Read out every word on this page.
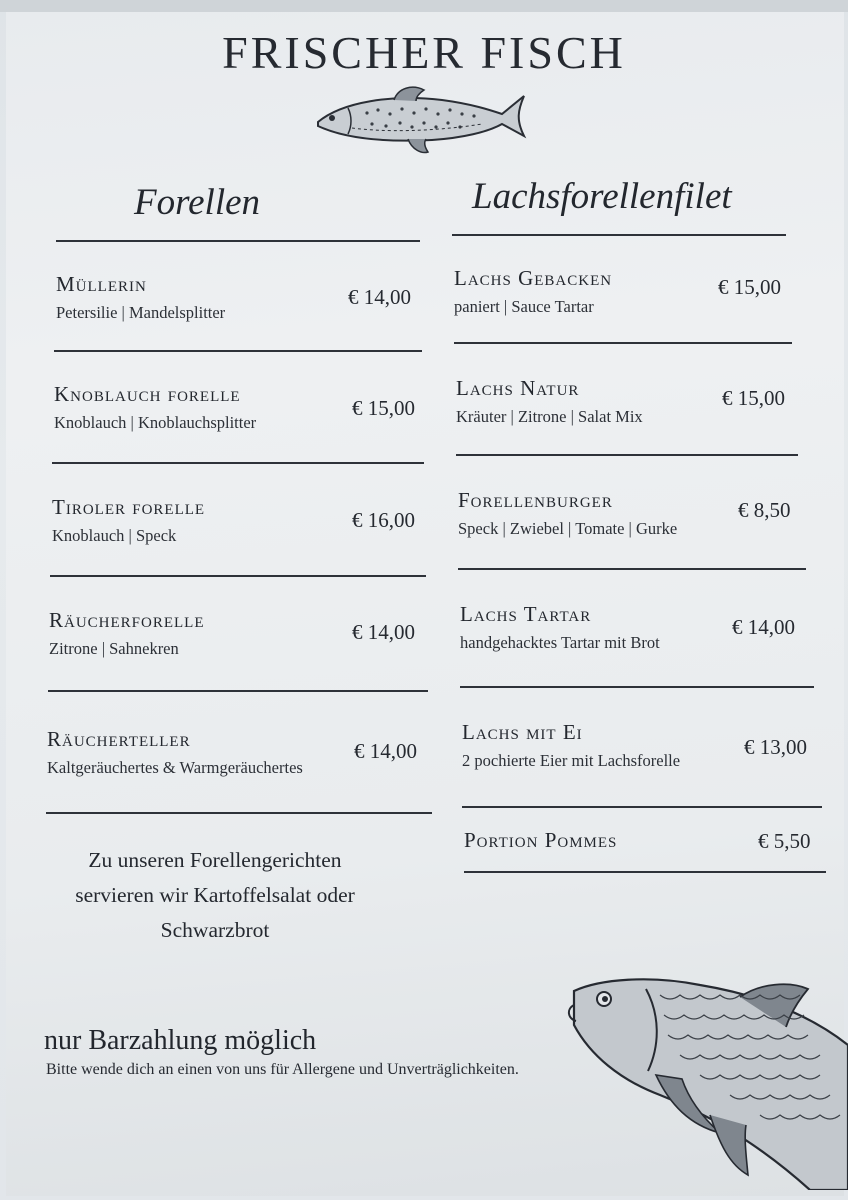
FRISCHER FISCH
Forellen
Müllerin
Petersilie | Mandelsplitter
€ 14,00
Knoblauch forelle
Knoblauch | Knoblauchsplitter
€ 15,00
Tiroler forelle
Knoblauch | Speck
€ 16,00
Räucherforelle
Zitrone | Sahnekren
€ 14,00
Räucherteller
Kaltgeräuchertes & Warmgeräuchertes
€ 14,00
Zu unseren Forellengerichten
servieren wir Kartoffelsalat oder
Schwarzbrot
Lachsforellenfilet
Lachs Gebacken
paniert | Sauce Tartar
€ 15,00
Lachs Natur
Kräuter | Zitrone | Salat Mix
€ 15,00
Forellenburger
Speck | Zwiebel | Tomate | Gurke
€ 8,50
Lachs Tartar
handgehacktes Tartar mit Brot
€ 14,00
Lachs mit Ei
2 pochierte Eier mit Lachsforelle
€ 13,00
Portion Pommes	€ 5,50
nur Barzahlung möglich
Bitte wende dich an einen von uns für Allergene und Unverträglichkeiten.
